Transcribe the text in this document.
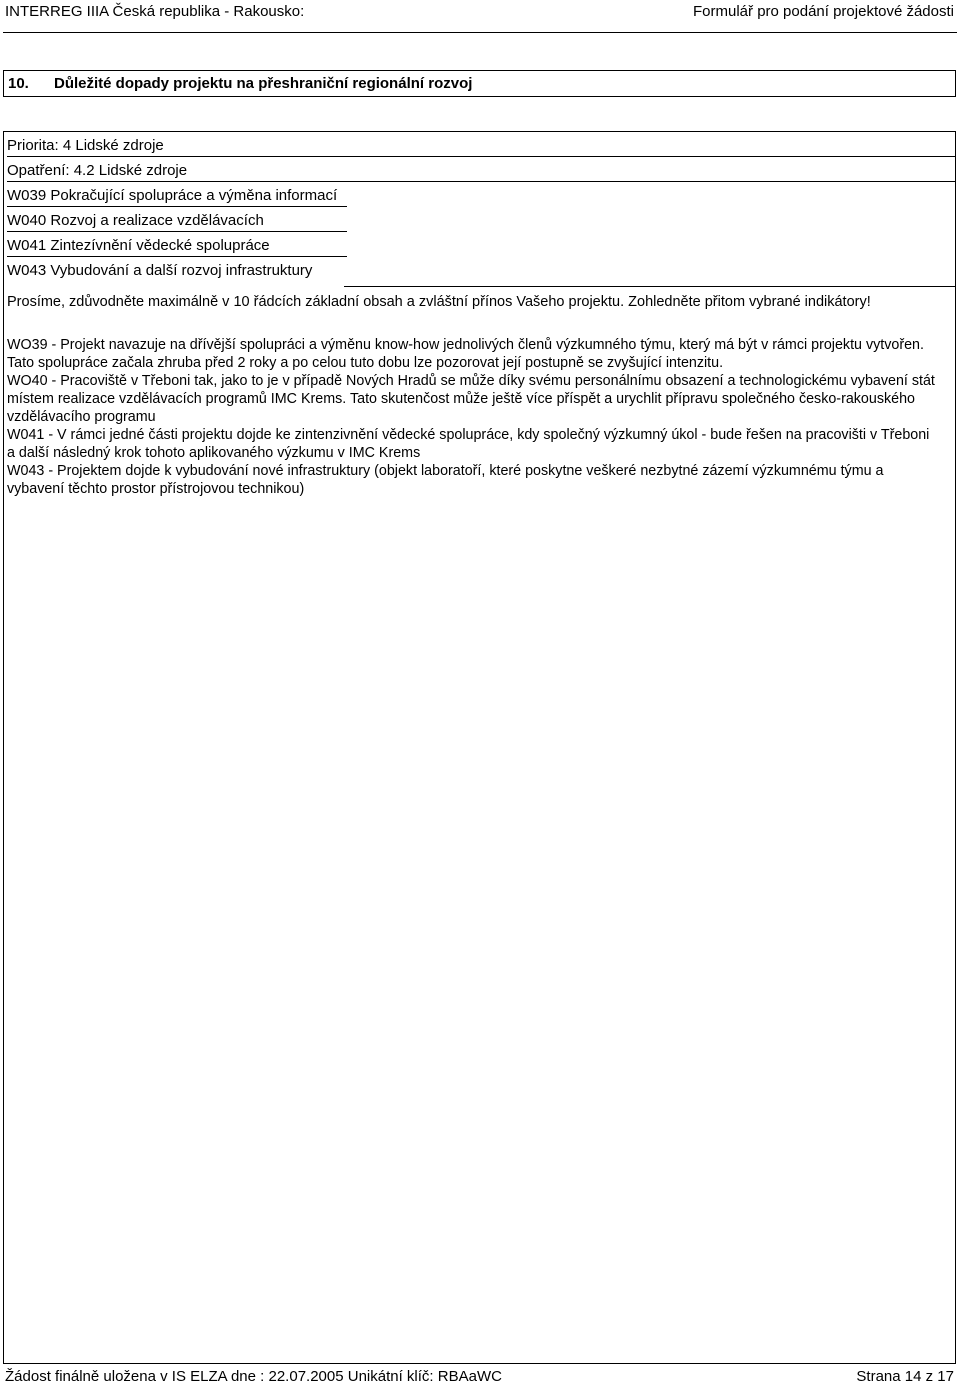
INTERREG IIIA Česká republika - Rakousko:	Formulář pro podání projektové žádosti
10.	Důležité dopady projektu na přeshraniční regionální rozvoj
Priorita: 4 Lidské zdroje
Opatření: 4.2 Lidské zdroje
W039 Pokračující spolupráce a výměna informací
W040 Rozvoj a realizace vzdělávacích
W041 Zintezívnění vědecké spolupráce
W043 Vybudování a další rozvoj infrastruktury
Prosíme, zdůvodněte maximálně v 10 řádcích základní obsah a zvláštní přínos Vašeho projektu. Zohledněte přitom vybrané indikátory!

WO39 - Projekt navazuje na dřívější spolupráci a výměnu know-how jednolivých členů výzkumného týmu, který má být v rámci projektu vytvořen. Tato spolupráce začala zhruba před 2 roky a po celou tuto dobu lze pozorovat její postupně se zvyšující intenzitu.

WO40 - Pracoviště v Třeboni tak, jako to je v případě Nových Hradů se může díky svému personálnímu obsazení a technologickému vybavení stát místem realizace vzdělávacích programů IMC Krems. Tato skutenčost může ještě více příspět a urychlit přípravu společného česko-rakouského vzdělávacího programu

W041 - V rámci jedné části projektu dojde ke zintenzivnění vědecké spolupráce, kdy společný výzkumný úkol - bude řešen na pracovišti v Třeboni a další následný krok tohoto aplikovaného výzkumu v IMC Krems

W043 - Projektem dojde k vybudování nové infrastruktury (objekt laboratoří, které poskytne veškeré nezbytné zázemí výzkumnému týmu a vybavení těchto prostor přístrojovou technikou)

Žádost finálně uložena v IS ELZA dne : 22.07.2005 Unikátní klíč: RBAaWC	Strana 14 z 17
